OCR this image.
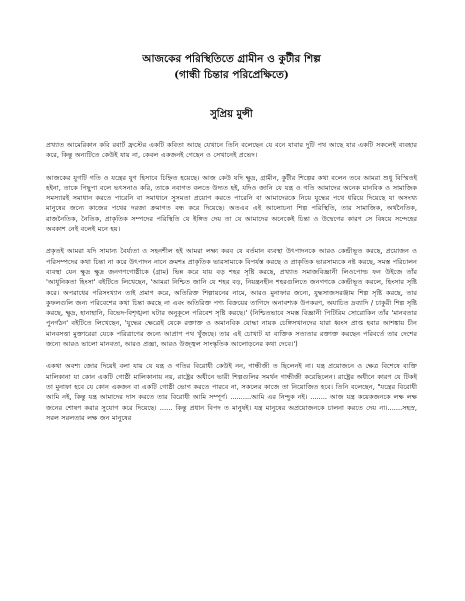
আজকের পরিস্থিতিতে গ্রামীন ও কুটীর শিল্প
(গান্ধী চিন্তার পরিপ্রেক্ষিতে)
সুপ্রিয় মুন্সী

প্রখ্যাত আমেরিকান কবি রবার্ট ফ্রস্টের একটি কবিতা আছে যেখানে তিনি বলেছেন যে বনে যাবার দুটি পথ আছে যার একটি সকলেই ব্যবহার করে, কিন্তু অন্যটিতে কেউই যায় না, কেবল একজনই গেছেন ও সেখানেই প্রভেদ।

আজকের যুগটি গতি ও যন্ত্রের যুগ হিসাবে চিহ্নিত হয়েছে। আজ কেউ যদি ক্ষুদ্র, গ্রামীন, কুটীর শিল্পের কথা বলেন তবে আমরা শুধু বিস্মিতই হইনা, তাকে পিছুপা বলে ভৎসনাও করি, তাকে নবাগত বলতে উদ্যত হই, যদিও জানি যে যন্ত্র ও গতি আমাদের অনেক মানবিক ও সামাজিক সমস্যারই সমাধান করতে পারেনি বা সমাধানে সুসমতা প্রয়োগ করতে পারেনি বা আমাদেরকে নিয়ে যুদ্ধের পথে ধরিয়ে দিয়েছে যা অসংখ্য মানুষের জন্যে কাজের পথের দরজা ক্রমাগত বন্ধ করে দিয়েছে। অতএব এই আলোচনা শিল্প পরিস্থিতি, তার সামাজিক, অর্থনৈতিক, রাজনৈতিক, নৈতিক, প্রাকৃতিক সম্পদের পরিস্থিতি যে ইঙ্গিত দেয় তা যে আমাদের অনেকেই চিন্তা ও উদ্বেগের কারণ সে বিষয়ে সন্দেহের অবকাশ নেই বলেই মনে হয়।

প্রকৃতই আমরা যদি সামান্য বৈর্য্যতা ও সহনশীল হই আমরা লক্ষ্য করব যে বর্তমান ব্যবস্থা উৎপাদনকে আরও কেন্দ্রীভূত করছে, প্রয়োজন ও পরিসম্পদের কথা চিন্তা না করে উৎপাদন নানে ক্রমশঃ প্রাকৃতিক ভারসাম্যকে বিপর্যস্ত করছে ও প্রাকৃতিক ভারসাম্যকে নষ্ট করছে, সমস্ত পরিচালন ব্যবস্থা যেন ক্ষুদ্র ক্ষুদ্র জনগণগোষ্ঠীকে (গ্রাম) ভিন্ন করে যায় বড় শহর সৃষ্টি করছে, প্রখ্যাত সমাজবিজ্ঞানী লিওপোল্ড ফন উইজে তাঁর 'আধুনিকতা হিংসা' বইটিতে লিখেছেন, 'আমরা নিশ্চিত জানি যে শহর বড়, নিয়ন্ত্রনহীন শহরগুলিতে জনগণকে কেন্দ্রীভূত করলে, হিংসার সৃষ্টি করে। অপরাধের পরিসংখ্যান তাই প্রমাণ করে, অতিরিক্ত শিল্পায়নের নামে, আরও মুনাফার জন্যে, যুদ্ধসাজসরঞ্জাম শিল্প সৃষ্টি করছে, তার কুফলগুলি জন্য পরিবেশের কথা চিন্তা করছে না এবং অতিরিক্ত পণ্য বিক্রয়ের তাগিদে অনাবশ্যক উপকরণ, অযাচিত দ্রব্যাদি / চাকুরী শিল্প সৃষ্টি করছে, ক্ষুদ্র, হানাহানি, বিভেদ-বিশৃঙ্খলা ঘটার অনুকূলে পরিবেশ সৃষ্টি করছে।' (নিশ্চিতভাবে সমস্ত বিজ্ঞানী পিটিরিম সোরোকিন তাঁর 'মানবতার পুনর্গঠন' বইটিতে লিখেছেন, 'যুদ্ধের ক্ষেত্রেই যেকে রক্তাক্ত ও অমানবিক যোদ্ধা নায়ক চেঙ্গিসখানদের যারা ধ্বংস প্রাপ্ত হবার আশঙ্কায় চীন মানবসত্তা মুক্তারেরা যেকে পরিত্রাণের জন্যে আপ্রাণ পথ খুঁজছে। তার এই চোখাট যা ব্যক্তিক সত্যতার রক্তাক্ত করছেন পরিবর্তে তার দেশের জন্যে আরও ভালো মানবতা, আরও প্রজ্ঞা, আরও উজ্জ্বল সাংস্কৃতিক আলোড়নের কথা দেবে।')

একথা অবশ্য জোর দিয়েই বলা যায় যে যন্ত্র ও গতির বিরোধী কেউই নন, গান্ধীজী ত ছিলেনই না। যন্ত্র প্রয়োজনে ও ক্ষেত্র বিশেষে ব্যক্তি মালিকানা যা কোন একটি গোষ্ঠী মালিকানায় নয়, রাষ্ট্রের অধীনে ভারী শিল্পগুলির সমর্থন গান্ধীজী করেছিলেন। রাষ্ট্রের অধীনে কারণ যে টিকই তা মুনাফা হবে যে কোন একজন বা একটি গোষ্ঠী ভোগ করতে পারবে না, সকলের কাজে তা নিয়োজিত হবে। তিনি বলেছেন, "যন্ত্রের বিরোধী আমি নই, কিন্তু যন্ত্র আমাদের দাস করতে তার বিরোধী আমি সম্পূর্ণ। ..........আমি এর নিন্দুক নই। ........ আজ যন্ত্র কয়েকজনকে লক্ষ লক্ষ জনের শোষণ করার সুযোগ করে দিয়েছে। ...... কিন্তু প্রধান বিপদ ত মানুষই। যন্ত্র মানুষের অপ্রয়োজনকে চালনা করতে দেয় না।.......সহস্র, সরল সরলতার লক্ষ জন মানুষের
